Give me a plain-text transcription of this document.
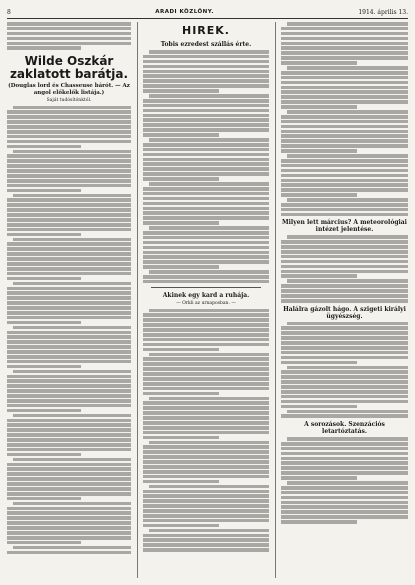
8	ARADI KÖZLÖNY.	1914. április 13.
Wilde Oszkár zaklatott barátja.
(Douglas lord és Chasseuse bárót. — Az angol előkelők listája.)
Saját tudósítónktól.
HIREK.
Tobis ezredest szállás érte.
Akinek egy kard a ruhája.
— Orkli az urnaposban. —
Milyen lett március? A meteorológiai intézet jelentése.
Halálra gázolt hágo. A szigeti királyi ügyészség.
A sorozások. Szenzációs letartóztatás.
